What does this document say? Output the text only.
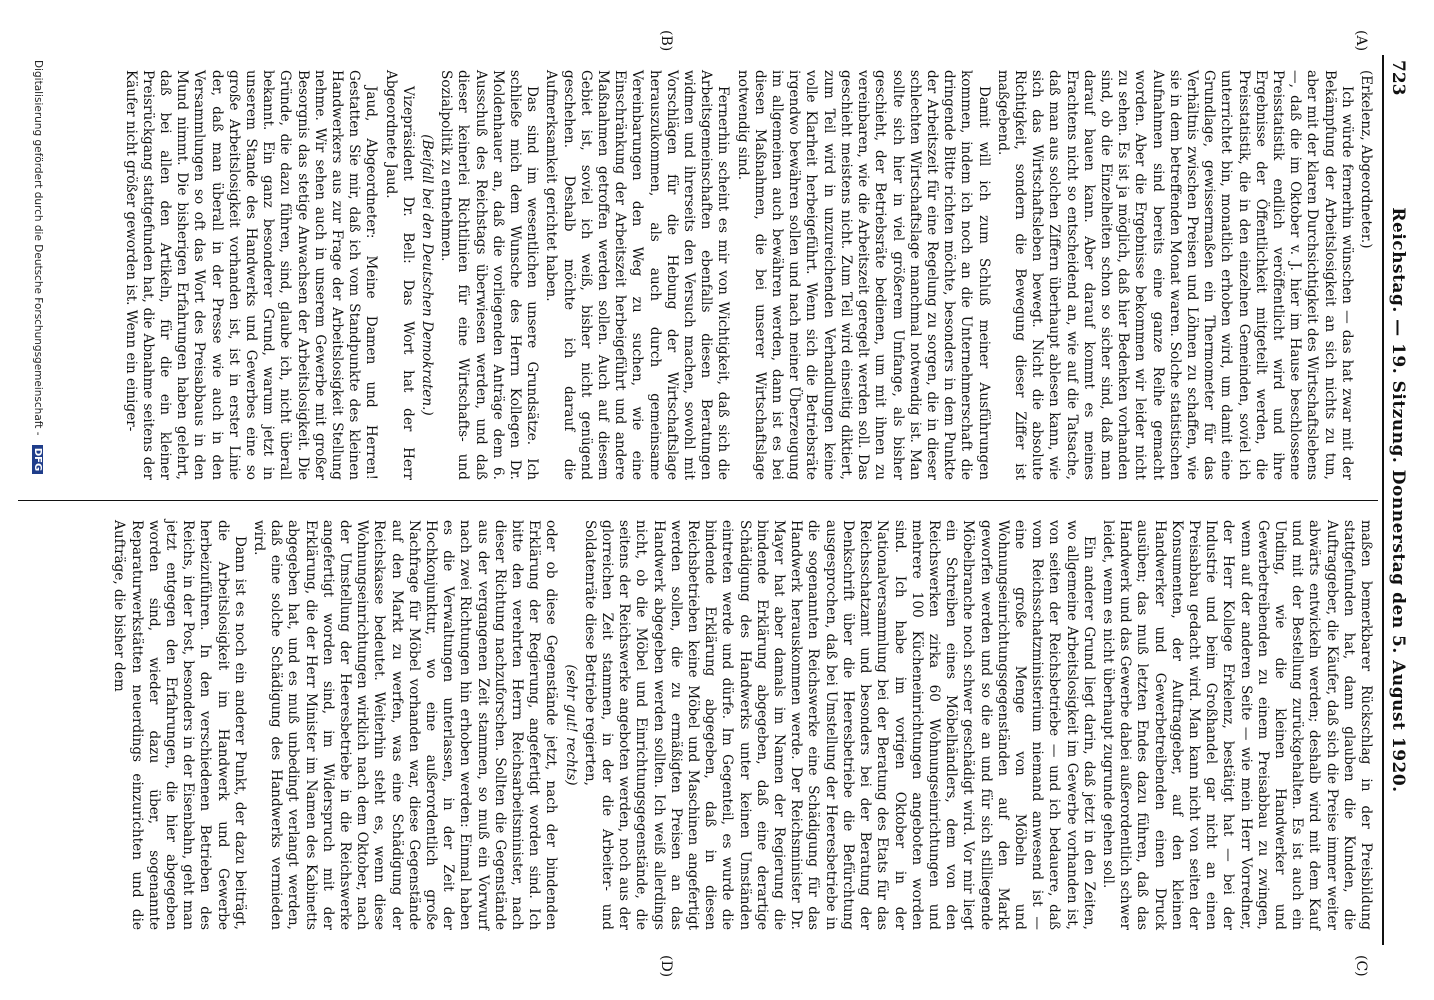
723
Reichstag. — 19. Sitzung. Donnerstag den 5. August 1920.
(A)
(B)
(C)
(D)

(Erkelenz, Abgeordneter.)

Ich würde fernerhin wünschen — das hat zwar mit der Bekämpfung der Arbeitslosigkeit an sich nichts zu tun, aber mit der klaren Durchsichtigkeit des Wirtschaftslebens —, daß die im Oktober v. J. hier im Hause beschlossene Preisstatistik endlich veröffentlicht wird und ihre Ergebnisse der Öffentlichkeit mitgeteilt werden, die Preisstatistik, die in den einzelnen Gemeinden, soviel ich unterrichtet bin, monatlich erhoben wird, um damit eine Grundlage, gewissermaßen ein Thermometer für das Verhältnis zwischen Preisen und Löhnen zu schaffen, wie sie in dem betreffenden Monat waren. Solche statistischen Aufnahmen sind bereits eine ganze Reihe gemacht worden. Aber die Ergebnisse bekommen wir leider nicht zu sehen. Es ist ja möglich, daß hier Bedenken vorhanden sind, ob die Einzelheiten schon so sicher sind, daß man darauf bauen kann. Aber darauf kommt es meines Erachtens nicht so entscheidend an, wie auf die Tatsache, daß man aus solchen Ziffern überhaupt ablesen kann, wie sich das Wirtschaftsleben bewegt. Nicht die absolute Richtigkeit, sondern die Bewegung dieser Ziffer ist maßgebend.

Damit will ich zum Schluß meiner Ausführungen kommen, indem ich noch an die Unternehmerschaft die dringende Bitte richten möchte, besonders in dem Punkte der Arbeitszeit für eine Regelung zu sorgen, die in dieser schlechten Wirtschaftslage manchmal notwendig ist. Man sollte sich hier in viel größerem Umfange, als bisher geschieht, der Betriebsräte bedienen, um mit ihnen zu vereinbaren, wie die Arbeitszeit geregelt werden soll. Das geschieht meistens nicht. Zum Teil wird einseitig diktiert, zum Teil wird in unzureichenden Verhandlungen keine volle Klarheit herbeigeführt. Wenn sich die Betriebsräte irgendwo bewähren sollen und nach meiner Überzeugung im allgemeinen auch bewähren werden, dann ist es bei diesen Maßnahmen, die bei unserer Wirtschaftslage notwendig sind.

Fernerhin scheint es mir von Wichtigkeit, daß sich die Arbeitsgemeinschaften ebenfalls diesen Beratungen widmen und ihrerseits den Versuch machen, sowohl mit Vorschlägen für die Hebung der Wirtschaftslage herauszukommen, als auch durch gemeinsame Vereinbarungen den Weg zu suchen, wie eine Einschränkung der Arbeitszeit herbeigeführt und andere Maßnahmen getroffen werden sollen. Auch auf diesem Gebiet ist, soviel ich weiß, bisher nicht genügend geschehen. Deshalb möchte ich darauf die Aufmerksamkeit gerichtet haben.

Das sind im wesentlichen unsere Grundsätze. Ich schließe mich dem Wunsche des Herrn Kollegen Dr. Moldenhauer an, daß die vorliegenden Anträge dem 6. Ausschuß des Reichstags überwiesen werden, und daß dieser keinerlei Richtlinien für eine Wirtschafts- und Sozialpolitik zu entnehmen.

(Beifall bei den Deutschen Demokraten.)

Vizepräsident Dr. Bell: Das Wort hat der Herr Abgeordnete Jaud.

Jaud, Abgeordneter: Meine Damen und Herren! Gestatten Sie mir, daß ich vom Standpunkte des kleinen Handwerkers aus zur Frage der Arbeitslosigkeit Stellung nehme. Wir sehen auch in unserem Gewerbe mit großer Besorgnis das stetige Anwachsen der Arbeitslosigkeit. Die Gründe, die dazu führen, sind, glaube ich, nicht überall bekannt. Ein ganz besonderer Grund, warum jetzt in unserem Stande des Handwerks und Gewerbes eine so große Arbeitslosigkeit vorhanden ist, ist in erster Linie der, daß man überall in der Presse wie auch in den Versammlungen so oft das Wort des Preisabbaus in den Mund nimmt. Die bisherigen Erfahrungen haben gelehrt, daß bei allen den Artikeln, für die ein kleiner Preisrückgang stattgefunden hat, die Abnahme seitens der Käufer nicht größer geworden ist. Wenn ein einiger-

maßen bemerkbarer Rückschlag in der Preisbildung stattgefunden hat, dann glauben die Kunden, die Auftraggeber, die Käufer, daß sich die Preise immer weiter abwärts entwickeln werden; deshalb wird mit dem Kauf und mit der Bestellung zurückgehalten. Es ist auch ein Unding, wie die kleinen Handwerker und Gewerbetreibenden zu einem Preisabbau zu zwingen, wenn auf der anderen Seite — wie mein Herr Vorredner, der Herr Kollege Erkelenz, bestätigt hat — bei der Industrie und beim Großhandel gar nicht an einen Preisabbau gedacht wird. Man kann nicht von seiten der Konsumenten, der Auftraggeber, auf den kleinen Handwerker und Gewerbetreibenden einen Druck ausüben; das muß letzten Endes dazu führen, daß das Handwerk und das Gewerbe dabei außerordentlich schwer leidet, wenn es nicht überhaupt zugrunde gehen soll.

Ein anderer Grund liegt darin, daß jetzt in den Zeiten, wo allgemeine Arbeitslosigkeit im Gewerbe vorhanden ist, von seiten der Reichsbetriebe — und ich bedauere, daß vom Reichsschatzministerium niemand anwesend ist — eine große Menge von Möbeln und Wohnungseinrichtungsgegenständen auf den Markt geworfen werden und so die an und für sich stilliegende Möbelbranche noch schwer geschädigt wird. Vor mir liegt ein Schreiben eines Möbelhändlers, dem von den Reichswerken zirka 60 Wohnungseinrichtungen und mehrere 100 Kücheneinrichtungen angeboten worden sind. Ich habe im vorigen Oktober in der Nationalversammlung bei der Beratung des Etats für das Reichsschatzamt und besonders bei der Beratung der Denkschrift über die Heeresbetriebe die Befürchtung ausgesprochen, daß bei Umstellung der Heeresbetriebe in die sogenannten Reichswerke eine Schädigung für das Handwerk herauskommen werde. Der Reichsminister Dr. Mayer hat aber damals im Namen der Regierung die bindende Erklärung abgegeben, daß eine derartige Schädigung des Handwerks unter keinen Umständen eintreten werde und dürfe. Im Gegenteil, es wurde die bindende Erklärung abgegeben, daß in diesen Reichsbetrieben keine Möbel und Maschinen angefertigt werden sollen, die zu ermäßigten Preisen an das Handwerk abgegeben werden sollten. Ich weiß allerdings nicht, ob die Möbel und Einrichtungsgegenstände, die seitens der Reichswerke angeboten werden, noch aus der glorreichen Zeit stammen, in der die Arbeiter- und Soldatenräte diese Betriebe regierten,

(sehr gut! rechts)

oder ob diese Gegenstände jetzt, nach der bindenden Erklärung der Regierung, angefertigt worden sind. Ich bitte den verehrten Herrn Reichsarbeitsminister, nach dieser Richtung nachzuforschen. Sollten die Gegenstände aus der vergangenen Zeit stammen, so muß ein Vorwurf nach zwei Richtungen hin erhoben werden: Einmal haben es die Verwaltungen unterlassen, in der Zeit der Hochkonjunktur, wo eine außerordentlich große Nachfrage für Möbel vorhanden war, diese Gegenstände auf den Markt zu werfen, was eine Schädigung der Reichskasse bedeutet. Weiterhin steht es, wenn diese Wohnungseinrichtungen wirklich nach dem Oktober, nach der Umstellung der Heeresbetriebe in die Reichswerke angefertigt worden sind, im Widerspruch mit der Erklärung, die der Herr Minister im Namen des Kabinetts abgegeben hat, und es muß unbedingt verlangt werden, daß eine solche Schädigung des Handwerks vermieden wird.

Dann ist es noch ein anderer Punkt, der dazu beiträgt, die Arbeitslosigkeit im Handwerk und Gewerbe herbeizuführen. In den verschiedenen Betrieben des Reichs, in der Post, besonders in der Eisenbahn, geht man jetzt entgegen den Erfahrungen, die hier abgegeben worden sind, wieder dazu über, sogenannte Reparaturwerkstätten neuerdings einzurichten und die Aufträge, die bisher dem

Digitalisierung gefördert durch die Deutsche Forschungsgemeinschaft - DFG
